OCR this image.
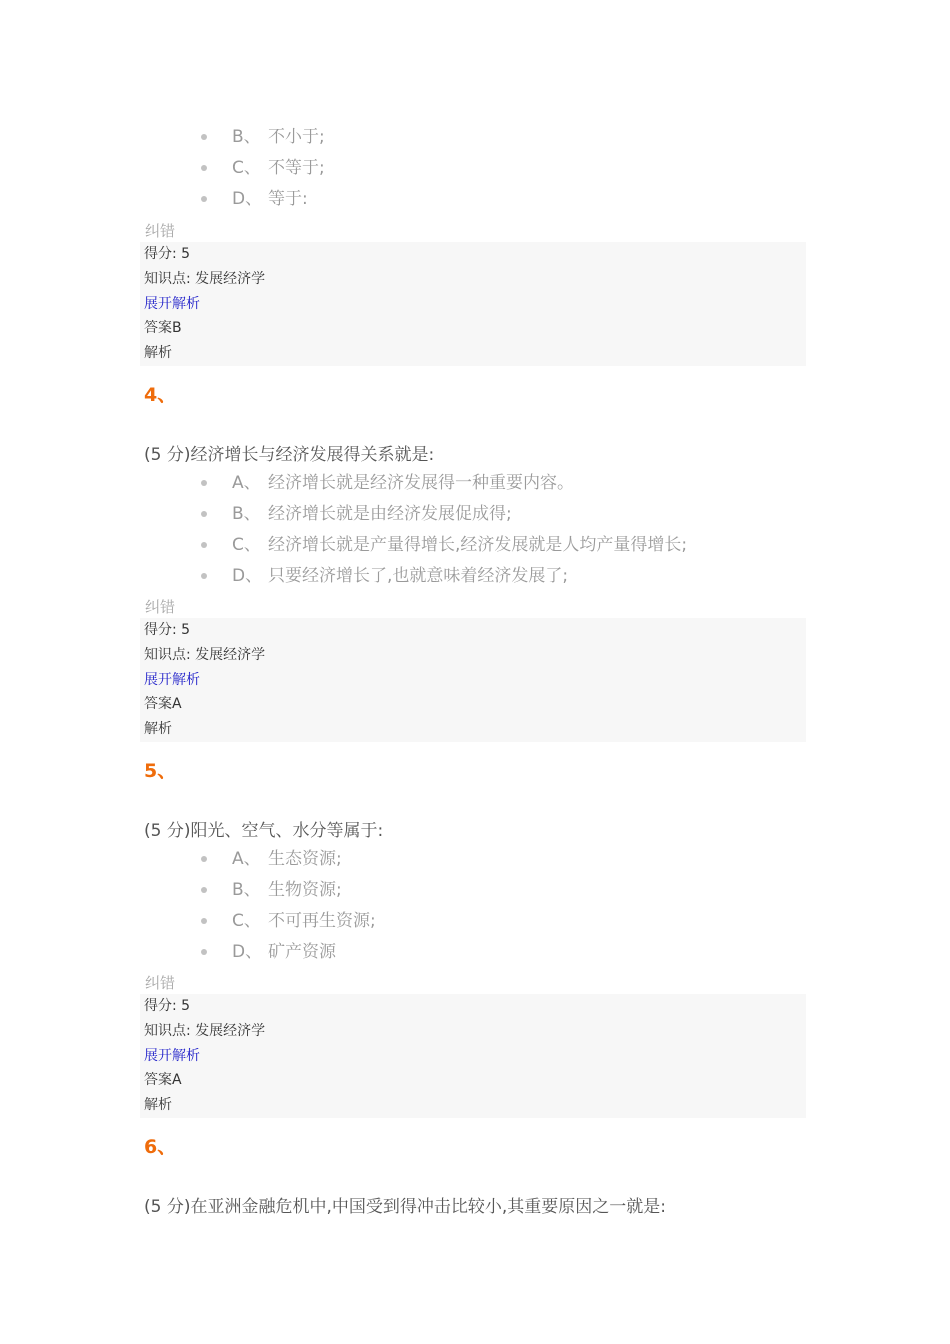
B、 不小于;
C、 不等于;
D、 等于:
纠错
得分: 5
知识点: 发展经济学
展开解析
答案B
解析
4、
(5 分)经济增长与经济发展得关系就是:
A、 经济增长就是经济发展得一种重要内容。
B、 经济增长就是由经济发展促成得;
C、 经济增长就是产量得增长,经济发展就是人均产量得增长;
D、 只要经济增长了,也就意味着经济发展了;
纠错
得分: 5
知识点: 发展经济学
展开解析
答案A
解析
5、
(5 分)阳光、空气、水分等属于:
A、 生态资源;
B、 生物资源;
C、 不可再生资源;
D、 矿产资源
纠错
得分: 5
知识点: 发展经济学
展开解析
答案A
解析
6、
(5 分)在亚洲金融危机中,中国受到得冲击比较小,其重要原因之一就是:
